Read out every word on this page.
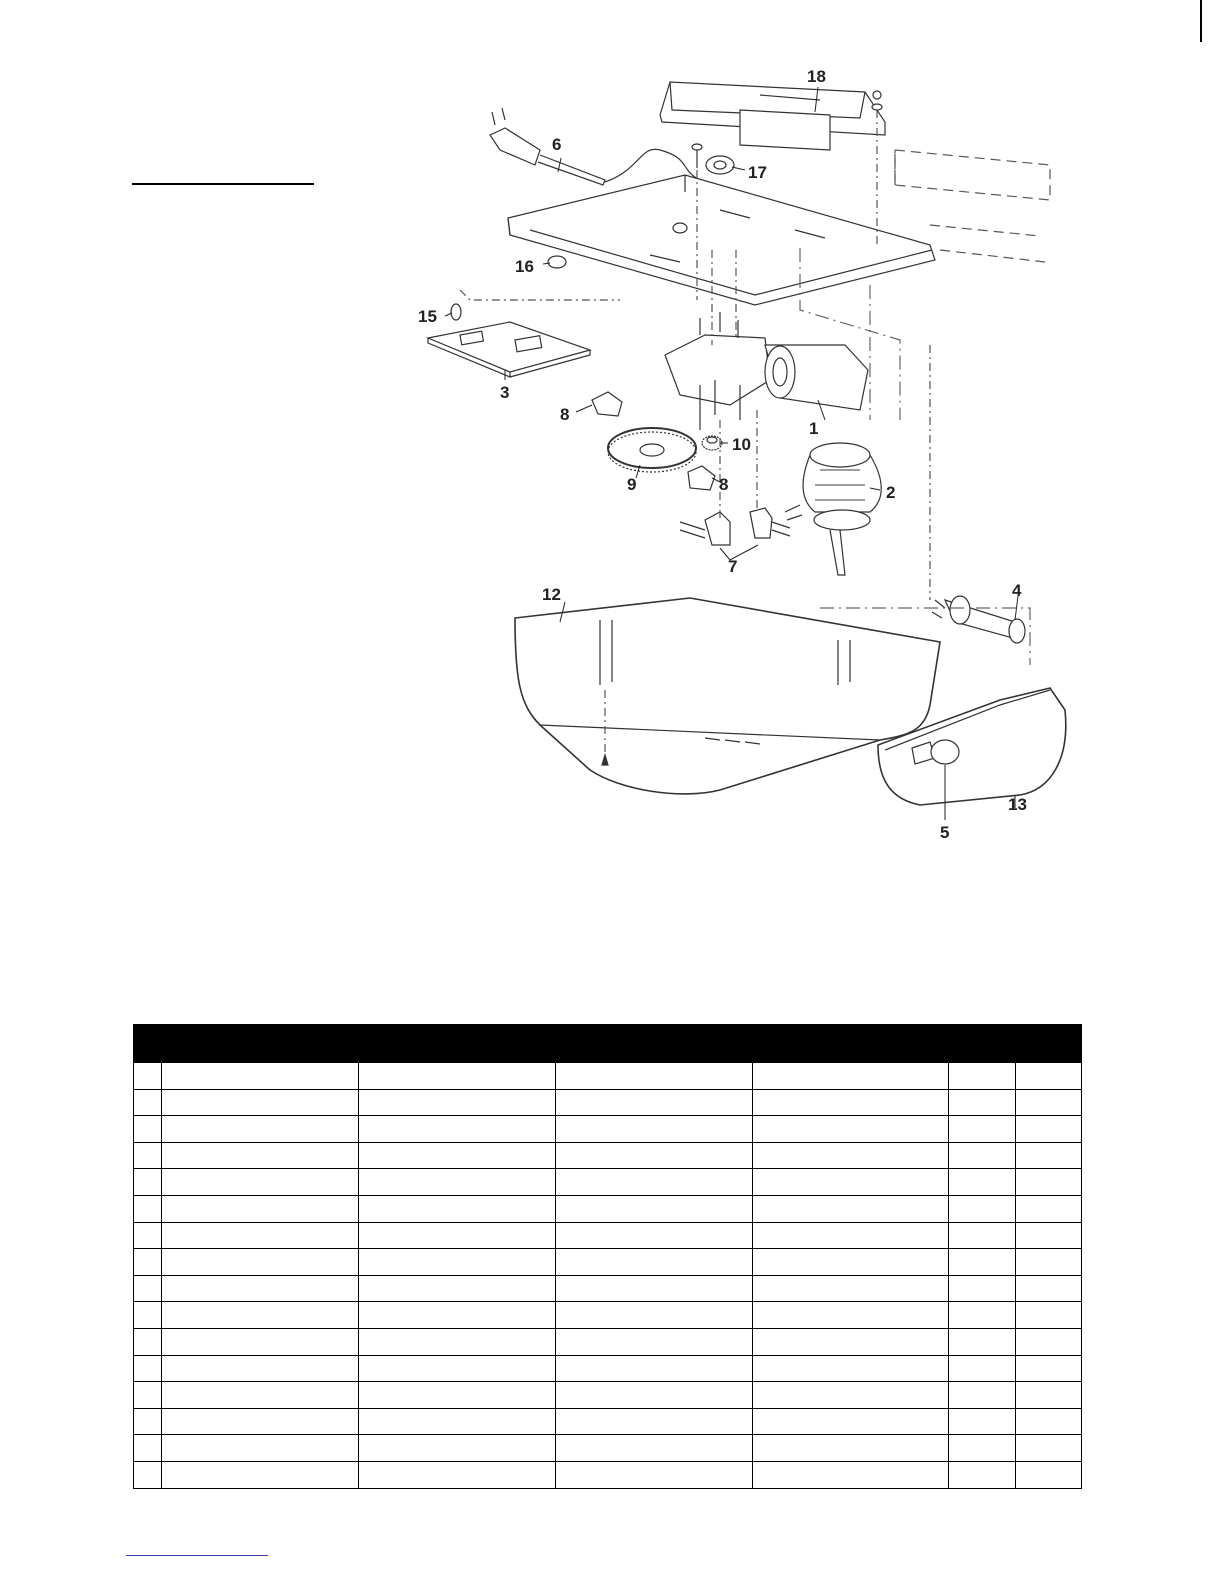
18
6
17
16
15
3
8
1
10
9	8	2
7
12	4
13
5
